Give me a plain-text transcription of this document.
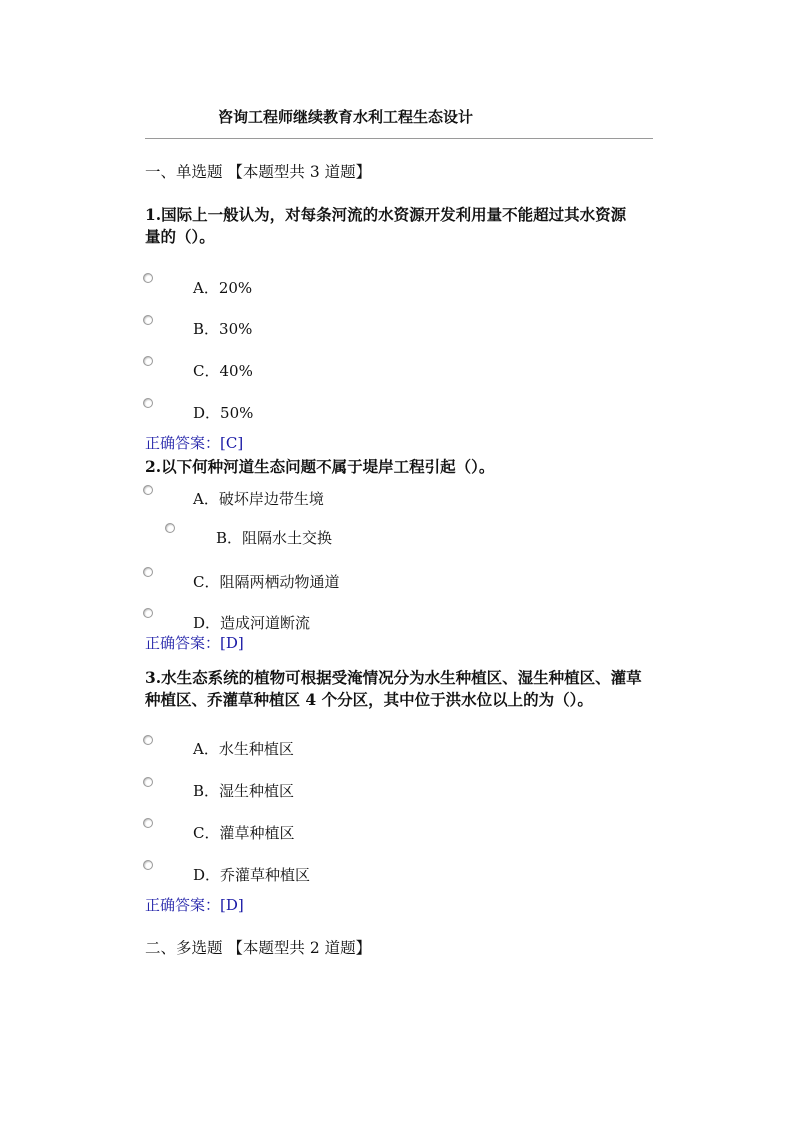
咨询工程师继续教育水利工程生态设计
一、单选题 【本题型共 3 道题】
1.国际上一般认为，对每条河流的水资源开发利用量不能超过其水资源
量的（）。
A．20%
B．30%
C．40%
D．50%
正确答案：[C]
2.以下何种河道生态问题不属于堤岸工程引起（）。
A．破坏岸边带生境
B．阻隔水土交换
C．阻隔两栖动物通道
D．造成河道断流
正确答案：[D]
3.水生态系统的植物可根据受淹情况分为水生种植区、湿生种植区、灌草
种植区、乔灌草种植区 4 个分区，其中位于洪水位以上的为（）。
A．水生种植区
B．湿生种植区
C．灌草种植区
D．乔灌草种植区
正确答案：[D]
二、多选题 【本题型共 2 道题】
